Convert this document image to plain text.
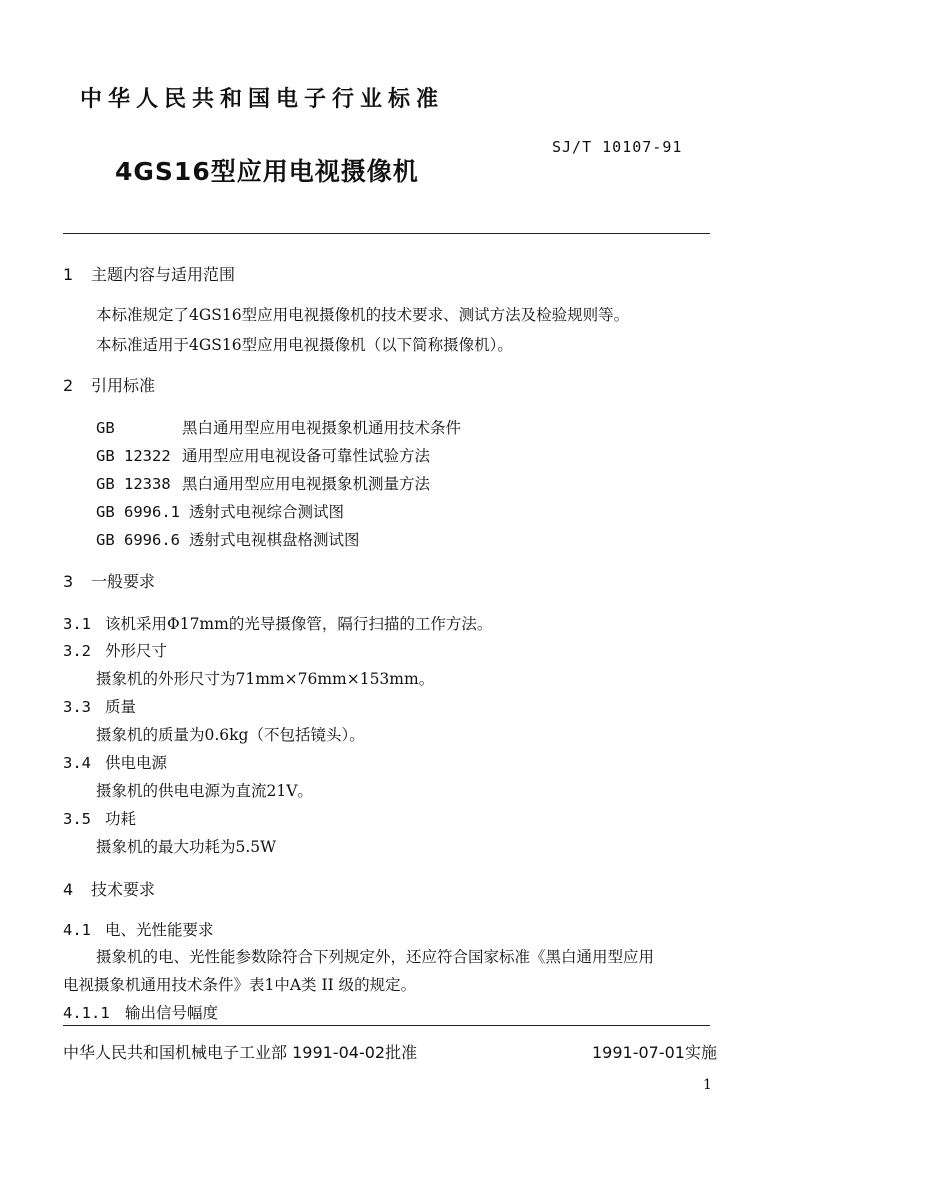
中华人民共和国电子行业标准
SJ/T 10107-91
4GS16型应用电视摄像机
1 主题内容与适用范围
本标准规定了4GS16型应用电视摄像机的技术要求、测试方法及检验规则等。
本标准适用于4GS16型应用电视摄像机（以下简称摄像机）。
2 引用标准
GB	黑白通用型应用电视摄象机通用技术条件
GB 12322 通用型应用电视设备可靠性试验方法
GB 12338 黑白通用型应用电视摄象机测量方法
GB 6996.1 透射式电视综合测试图
GB 6996.6 透射式电视棋盘格测试图
3 一般要求
3.1 该机采用Φ17mm的光导摄像管，隔行扫描的工作方法。
3.2 外形尺寸
摄象机的外形尺寸为71mm×76mm×153mm。
3.3 质量
摄象机的质量为0.6kg（不包括镜头）。
3.4 供电电源
摄象机的供电电源为直流21V。
3.5 功耗
摄象机的最大功耗为5.5W
4 技术要求
4.1 电、光性能要求
摄象机的电、光性能参数除符合下列规定外，还应符合国家标准《黑白通用型应用
电视摄象机通用技术条件》表1中A类 II 级的规定。
4.1.1 输出信号幅度
中华人民共和国机械电子工业部 1991-04-02批准	1991-07-01实施
1
